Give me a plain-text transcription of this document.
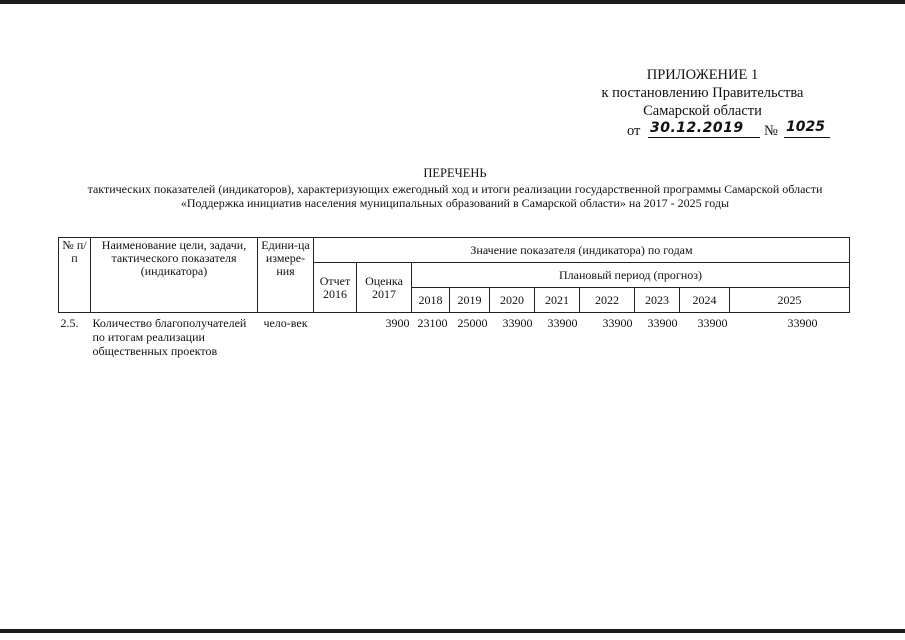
ПРИЛОЖЕНИЕ 1
к постановлению Правительства
Самарской области
от 30.12.2019 № 1025
ПЕРЕЧЕНЬ
тактических показателей (индикаторов), характеризующих ежегодный ход и итоги реализации государственной программы Самарской области «Поддержка инициатив населения муниципальных образований в Самарской области» на 2017 - 2025 годы
№ п/п	Наименование цели, задачи, тактического показателя (индикатора)	Едини-ца измере-ния	Значение показателя (индикатора) по годам									
			Отчет 2016	Оценка 2017	Плановый период (прогноз)							
					2018	2019	2020	2021	2022	2023	2024	2025
2.5.	Количество благополучателей по итогам реализации общественных проектов	чело-век		3900	23100	25000	33900	33900	33900	33900	33900	33900
